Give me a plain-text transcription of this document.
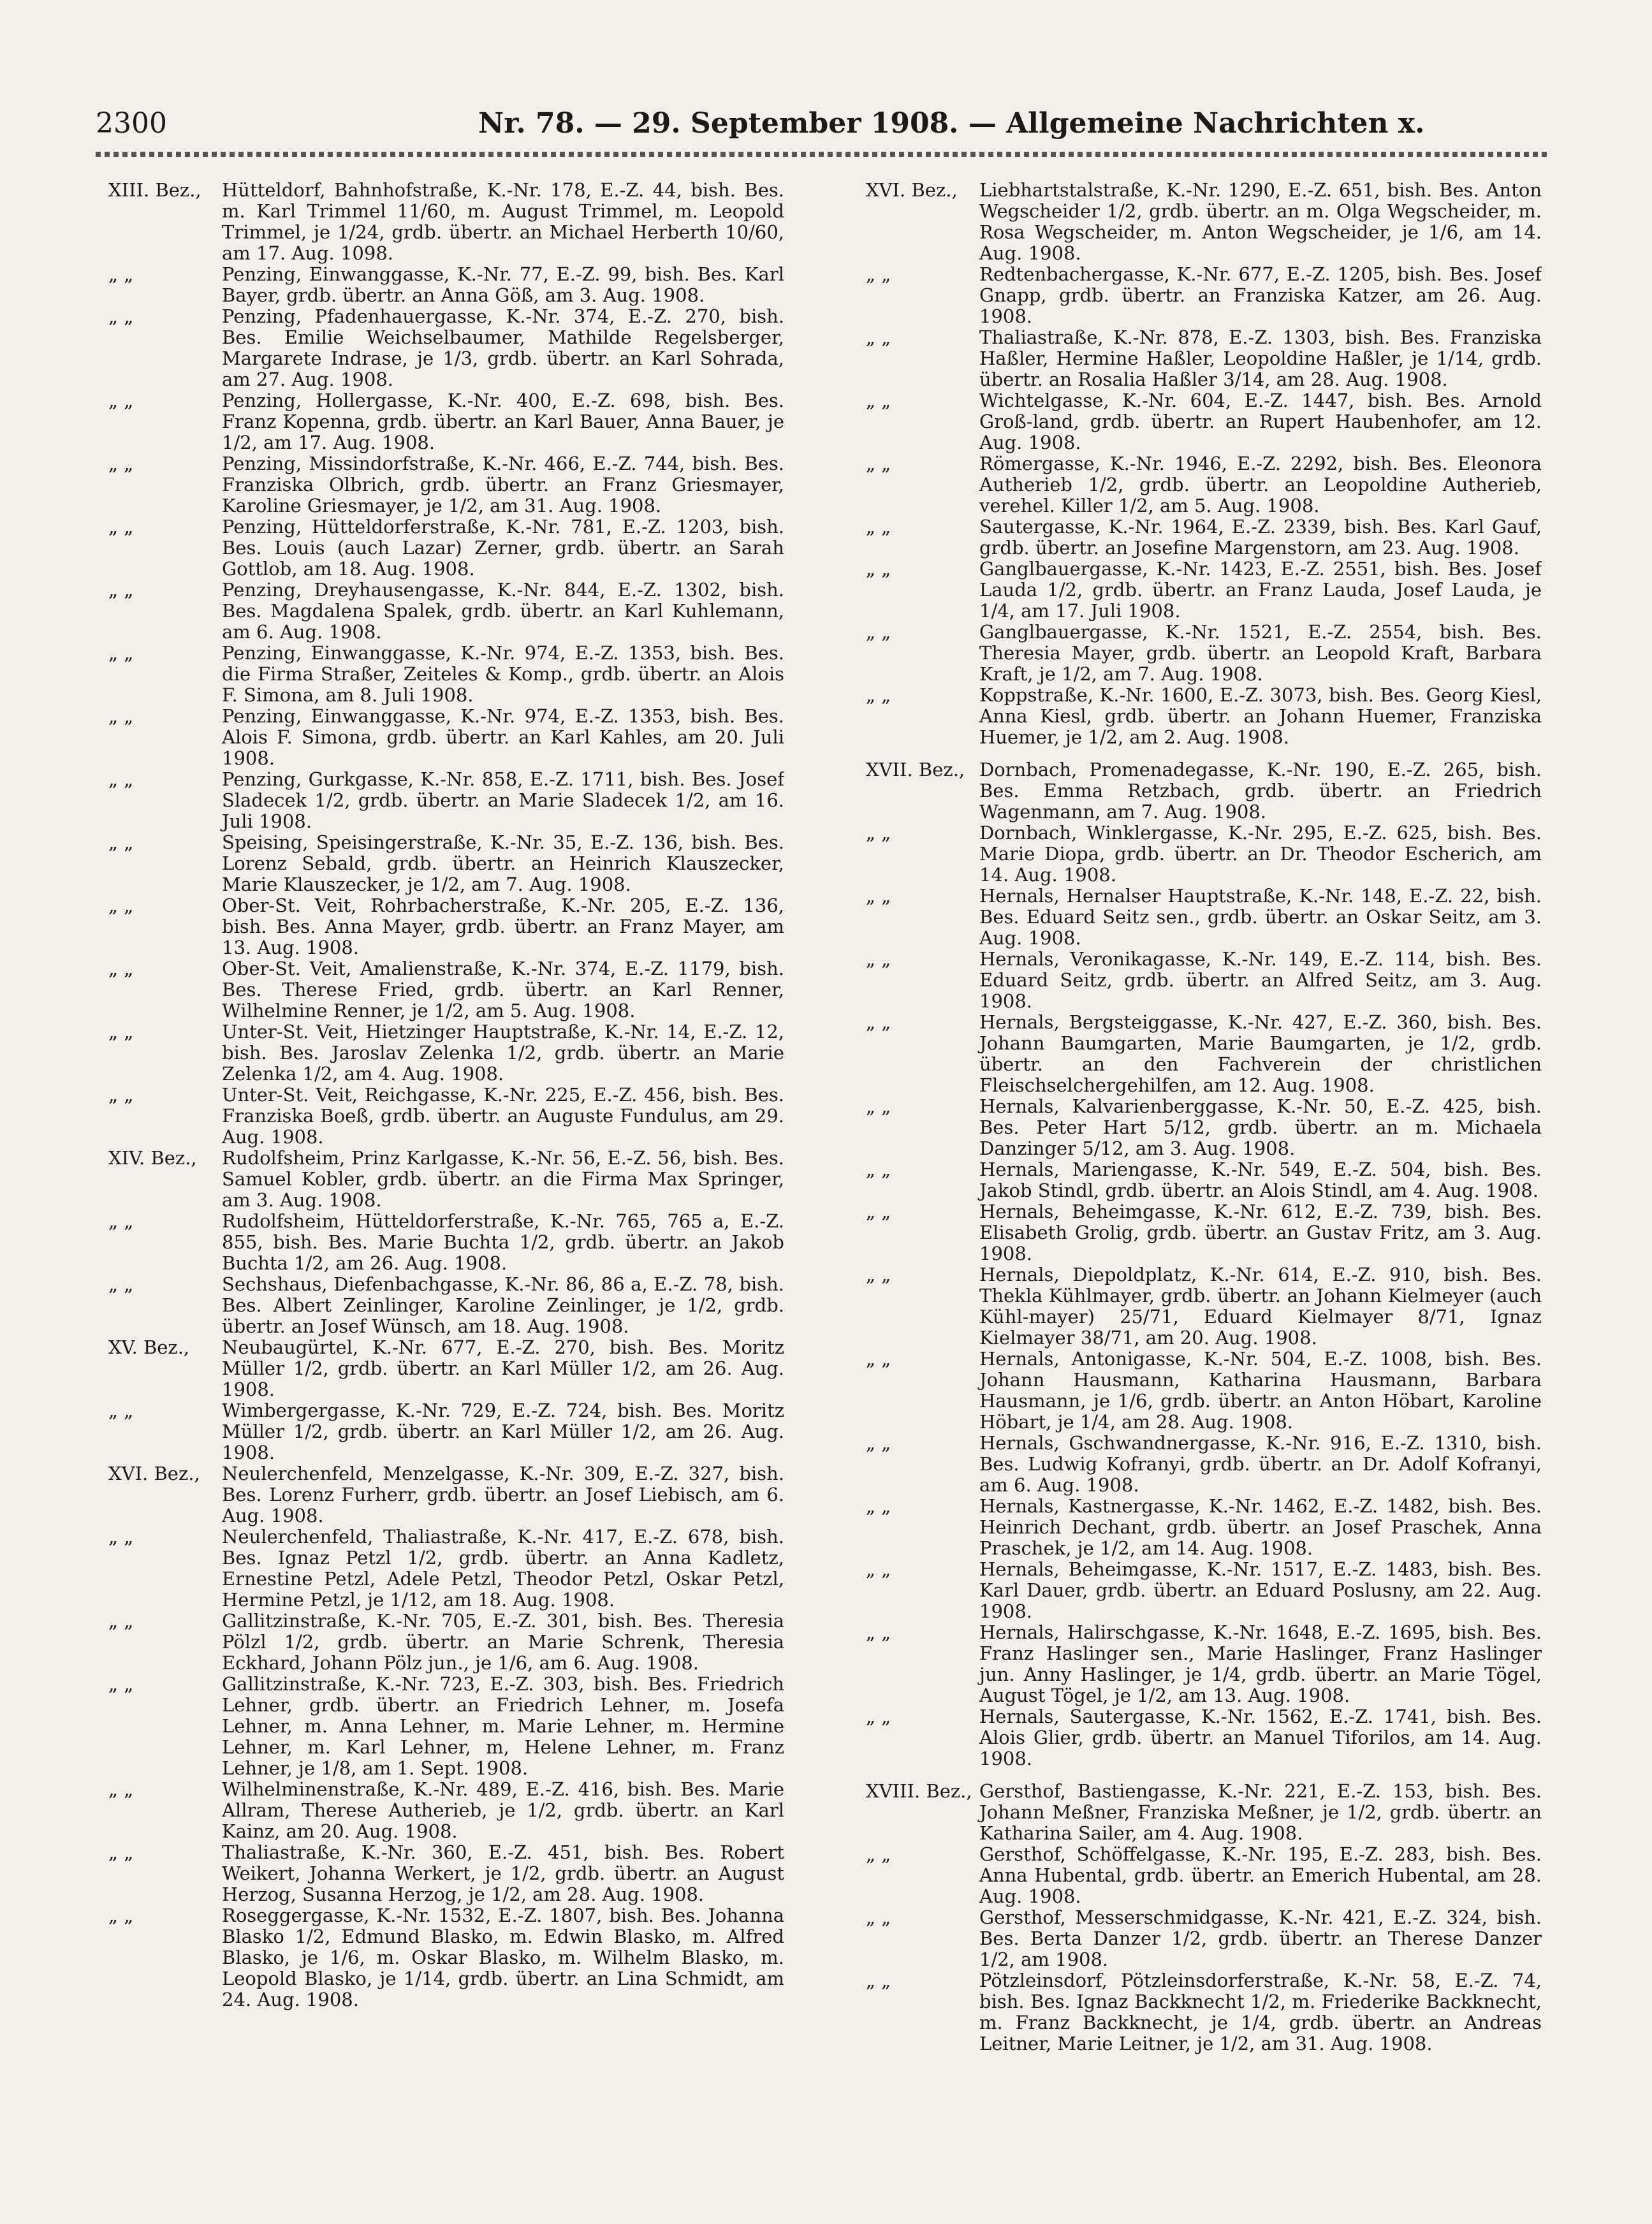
2300	Nr. 78. — 29. September 1908. — Allgemeine Nachrichten x.
XIII. Bez.,	Hütteldorf, Bahnhofstraße, K.-Nr. 178, E.-Z. 44, bish. Bes. m. Karl Trimmel 11/60, m. August Trimmel, m. Leopold Trimmel, je 1/24, grdb. übertr. an Michael Herberth 10/60, am 17. Aug. 1098.
„ „	Penzing, Einwanggasse, K.-Nr. 77, E.-Z. 99, bish. Bes. Karl Bayer, grdb. übertr. an Anna Göß, am 3. Aug. 1908.
„ „	Penzing, Pfadenhauergasse, K.-Nr. 374, E.-Z. 270, bish. Bes. Emilie Weichselbaumer, Mathilde Regelsberger, Margarete Indrase, je 1/3, grdb. übertr. an Karl Sohrada, am 27. Aug. 1908.
„ „	Penzing, Hollergasse, K.-Nr. 400, E.-Z. 698, bish. Bes. Franz Kopenna, grdb. übertr. an Karl Bauer, Anna Bauer, je 1/2, am 17. Aug. 1908.
„ „	Penzing, Missindorfstraße, K.-Nr. 466, E.-Z. 744, bish. Bes. Franziska Olbrich, grdb. übertr. an Franz Griesmayer, Karoline Griesmayer, je 1/2, am 31. Aug. 1908.
„ „	Penzing, Hütteldorferstraße, K.-Nr. 781, E.-Z. 1203, bish. Bes. Louis (auch Lazar) Zerner, grdb. übertr. an Sarah Gottlob, am 18. Aug. 1908.
„ „	Penzing, Dreyhausengasse, K.-Nr. 844, E.-Z. 1302, bish. Bes. Magdalena Spalek, grdb. übertr. an Karl Kuhlemann, am 6. Aug. 1908.
„ „	Penzing, Einwanggasse, K.-Nr. 974, E.-Z. 1353, bish. Bes. die Firma Straßer, Zeiteles & Komp., grdb. übertr. an Alois F. Simona, am 8. Juli 1908.
„ „	Penzing, Einwanggasse, K.-Nr. 974, E.-Z. 1353, bish. Bes. Alois F. Simona, grdb. übertr. an Karl Kahles, am 20. Juli 1908.
„ „	Penzing, Gurkgasse, K.-Nr. 858, E.-Z. 1711, bish. Bes. Josef Sladecek 1/2, grdb. übertr. an Marie Sladecek 1/2, am 16. Juli 1908.
„ „	Speising, Speisingerstraße, K.-Nr. 35, E.-Z. 136, bish. Bes. Lorenz Sebald, grdb. übertr. an Heinrich Klauszecker, Marie Klauszecker, je 1/2, am 7. Aug. 1908.
„ „	Ober-St. Veit, Rohrbacherstraße, K.-Nr. 205, E.-Z. 136, bish. Bes. Anna Mayer, grdb. übertr. an Franz Mayer, am 13. Aug. 1908.
„ „	Ober-St. Veit, Amalienstraße, K.-Nr. 374, E.-Z. 1179, bish. Bes. Therese Fried, grdb. übertr. an Karl Renner, Wilhelmine Renner, je 1/2, am 5. Aug. 1908.
„ „	Unter-St. Veit, Hietzinger Hauptstraße, K.-Nr. 14, E.-Z. 12, bish. Bes. Jaroslav Zelenka 1/2, grdb. übertr. an Marie Zelenka 1/2, am 4. Aug. 1908.
„ „	Unter-St. Veit, Reichgasse, K.-Nr. 225, E.-Z. 456, bish. Bes. Franziska Boeß, grdb. übertr. an Auguste Fundulus, am 29. Aug. 1908.
XIV. Bez.,	Rudolfsheim, Prinz Karlgasse, K.-Nr. 56, E.-Z. 56, bish. Bes. Samuel Kobler, grdb. übertr. an die Firma Max Springer, am 3. Aug. 1908.
„ „	Rudolfsheim, Hütteldorferstraße, K.-Nr. 765, 765 a, E.-Z. 855, bish. Bes. Marie Buchta 1/2, grdb. übertr. an Jakob Buchta 1/2, am 26. Aug. 1908.
„ „	Sechshaus, Diefenbachgasse, K.-Nr. 86, 86 a, E.-Z. 78, bish. Bes. Albert Zeinlinger, Karoline Zeinlinger, je 1/2, grdb. übertr. an Josef Wünsch, am 18. Aug. 1908.
XV. Bez.,	Neubaugürtel, K.-Nr. 677, E.-Z. 270, bish. Bes. Moritz Müller 1/2, grdb. übertr. an Karl Müller 1/2, am 26. Aug. 1908.
„ „	Wimbergergasse, K.-Nr. 729, E.-Z. 724, bish. Bes. Moritz Müller 1/2, grdb. übertr. an Karl Müller 1/2, am 26. Aug. 1908.
XVI. Bez.,	Neulerchenfeld, Menzelgasse, K.-Nr. 309, E.-Z. 327, bish. Bes. Lorenz Furherr, grdb. übertr. an Josef Liebisch, am 6. Aug. 1908.
„ „	Neulerchenfeld, Thaliastraße, K.-Nr. 417, E.-Z. 678, bish. Bes. Ignaz Petzl 1/2, grdb. übertr. an Anna Kadletz, Ernestine Petzl, Adele Petzl, Theodor Petzl, Oskar Petzl, Hermine Petzl, je 1/12, am 18. Aug. 1908.
„ „	Gallitzinstraße, K.-Nr. 705, E.-Z. 301, bish. Bes. Theresia Pölzl 1/2, grdb. übertr. an Marie Schrenk, Theresia Eckhard, Johann Pölz jun., je 1/6, am 6. Aug. 1908.
„ „	Gallitzinstraße, K.-Nr. 723, E.-Z. 303, bish. Bes. Friedrich Lehner, grdb. übertr. an Friedrich Lehner, m. Josefa Lehner, m. Anna Lehner, m. Marie Lehner, m. Hermine Lehner, m. Karl Lehner, m, Helene Lehner, m. Franz Lehner, je 1/8, am 1. Sept. 1908.
„ „	Wilhelminenstraße, K.-Nr. 489, E.-Z. 416, bish. Bes. Marie Allram, Therese Autherieb, je 1/2, grdb. übertr. an Karl Kainz, am 20. Aug. 1908.
„ „	Thaliastraße, K.-Nr. 360, E.-Z. 451, bish. Bes. Robert Weikert, Johanna Werkert, je 1/2, grdb. übertr. an August Herzog, Susanna Herzog, je 1/2, am 28. Aug. 1908.
„ „	Roseggergasse, K.-Nr. 1532, E.-Z. 1807, bish. Bes. Johanna Blasko 1/2, Edmund Blasko, m. Edwin Blasko, m. Alfred Blasko, je 1/6, m. Oskar Blasko, m. Wilhelm Blasko, m. Leopold Blasko, je 1/14, grdb. übertr. an Lina Schmidt, am 24. Aug. 1908.
XVI. Bez.,	Liebhartstalstraße, K.-Nr. 1290, E.-Z. 651, bish. Bes. Anton Wegscheider 1/2, grdb. übertr. an m. Olga Wegscheider, m. Rosa Wegscheider, m. Anton Wegscheider, je 1/6, am 14. Aug. 1908.
„ „	Redtenbachergasse, K.-Nr. 677, E.-Z. 1205, bish. Bes. Josef Gnapp, grdb. übertr. an Franziska Katzer, am 26. Aug. 1908.
„ „	Thaliastraße, K.-Nr. 878, E.-Z. 1303, bish. Bes. Franziska Haßler, Hermine Haßler, Leopoldine Haßler, je 1/14, grdb. übertr. an Rosalia Haßler 3/14, am 28. Aug. 1908.
„ „	Wichtelgasse, K.-Nr. 604, E.-Z. 1447, bish. Bes. Arnold Groß-land, grdb. übertr. an Rupert Haubenhofer, am 12. Aug. 1908.
„ „	Römergasse, K.-Nr. 1946, E.-Z. 2292, bish. Bes. Eleonora Autherieb 1/2, grdb. übertr. an Leopoldine Autherieb, verehel. Killer 1/2, am 5. Aug. 1908.
„ „	Sautergasse, K.-Nr. 1964, E.-Z. 2339, bish. Bes. Karl Gauf, grdb. übertr. an Josefine Margenstorn, am 23. Aug. 1908.
„ „	Ganglbauergasse, K.-Nr. 1423, E.-Z. 2551, bish. Bes. Josef Lauda 1/2, grdb. übertr. an Franz Lauda, Josef Lauda, je 1/4, am 17. Juli 1908.
„ „	Ganglbauergasse, K.-Nr. 1521, E.-Z. 2554, bish. Bes. Theresia Mayer, grdb. übertr. an Leopold Kraft, Barbara Kraft, je 1/2, am 7. Aug. 1908.
„ „	Koppstraße, K.-Nr. 1600, E.-Z. 3073, bish. Bes. Georg Kiesl, Anna Kiesl, grdb. übertr. an Johann Huemer, Franziska Huemer, je 1/2, am 2. Aug. 1908.
XVII. Bez., Dornbach, Promenadegasse, K.-Nr. 190, E.-Z. 265, bish. Bes. Emma Retzbach, grdb. übertr. an Friedrich Wagenmann, am 7. Aug. 1908.
„ „	Dornbach, Winklergasse, K.-Nr. 295, E.-Z. 625, bish. Bes. Marie Diopa, grdb. übertr. an Dr. Theodor Escherich, am 14. Aug. 1908.
„ „	Hernals, Hernalser Hauptstraße, K.-Nr. 148, E.-Z. 22, bish. Bes. Eduard Seitz sen., grdb. übertr. an Oskar Seitz, am 3. Aug. 1908.
„ „	Hernals, Veronikagasse, K.-Nr. 149, E.-Z. 114, bish. Bes. Eduard Seitz, grdb. übertr. an Alfred Seitz, am 3. Aug. 1908.
„ „	Hernals, Bergsteiggasse, K.-Nr. 427, E.-Z. 360, bish. Bes. Johann Baumgarten, Marie Baumgarten, je 1/2, grdb. übertr. an den Fachverein der christlichen Fleischselchergehilfen, am 12. Aug. 1908.
„ „	Hernals, Kalvarienberggasse, K.-Nr. 50, E.-Z. 425, bish. Bes. Peter Hart 5/12, grdb. übertr. an m. Michaela Danzinger 5/12, am 3. Aug. 1908.
„ „	Hernals, Mariengasse, K.-Nr. 549, E.-Z. 504, bish. Bes. Jakob Stindl, grdb. übertr. an Alois Stindl, am 4. Aug. 1908.
„ „	Hernals, Beheimgasse, K.-Nr. 612, E.-Z. 739, bish. Bes. Elisabeth Grolig, grdb. übertr. an Gustav Fritz, am 3. Aug. 1908.
„ „	Hernals, Diepoldplatz, K.-Nr. 614, E.-Z. 910, bish. Bes. Thekla Kühlmayer, grdb. übertr. an Johann Kielmeyer (auch Kühl-mayer) 25/71, Eduard Kielmayer 8/71, Ignaz Kielmayer 38/71, am 20. Aug. 1908.
„ „	Hernals, Antonigasse, K.-Nr. 504, E.-Z. 1008, bish. Bes. Johann Hausmann, Katharina Hausmann, Barbara Hausmann, je 1/6, grdb. übertr. an Anton Höbart, Karoline Höbart, je 1/4, am 28. Aug. 1908.
„ „	Hernals, Gschwandnergasse, K.-Nr. 916, E.-Z. 1310, bish. Bes. Ludwig Kofranyi, grdb. übertr. an Dr. Adolf Kofranyi, am 6. Aug. 1908.
„ „	Hernals, Kastnergasse, K.-Nr. 1462, E.-Z. 1482, bish. Bes. Heinrich Dechant, grdb. übertr. an Josef Praschek, Anna Praschek, je 1/2, am 14. Aug. 1908.
„ „	Hernals, Beheimgasse, K.-Nr. 1517, E.-Z. 1483, bish. Bes. Karl Dauer, grdb. übertr. an Eduard Poslusny, am 22. Aug. 1908.
„ „	Hernals, Halirschgasse, K.-Nr. 1648, E.-Z. 1695, bish. Bes. Franz Haslinger sen., Marie Haslinger, Franz Haslinger jun. Anny Haslinger, je 1/4, grdb. übertr. an Marie Tögel, August Tögel, je 1/2, am 13. Aug. 1908.
„ „	Hernals, Sautergasse, K.-Nr. 1562, E.-Z. 1741, bish. Bes. Alois Glier, grdb. übertr. an Manuel Tiforilos, am 14. Aug. 1908.
XVIII. Bez., Gersthof, Bastiengasse, K.-Nr. 221, E.-Z. 153, bish. Bes. Johann Meßner, Franziska Meßner, je 1/2, grdb. übertr. an Katharina Sailer, am 4. Aug. 1908.
„ „	Gersthof, Schöffelgasse, K.-Nr. 195, E.-Z. 283, bish. Bes. Anna Hubental, grdb. übertr. an Emerich Hubental, am 28. Aug. 1908.
„ „	Gersthof, Messerschmidgasse, K.-Nr. 421, E.-Z. 324, bish. Bes. Berta Danzer 1/2, grdb. übertr. an Therese Danzer 1/2, am 1908.
„ „	Pötzleinsdorf, Pötzleinsdorferstraße, K.-Nr. 58, E.-Z. 74, bish. Bes. Ignaz Backknecht 1/2, m. Friederike Backknecht, m. Franz Backknecht, je 1/4, grdb. übertr. an Andreas Leitner, Marie Leitner, je 1/2, am 31. Aug. 1908.
